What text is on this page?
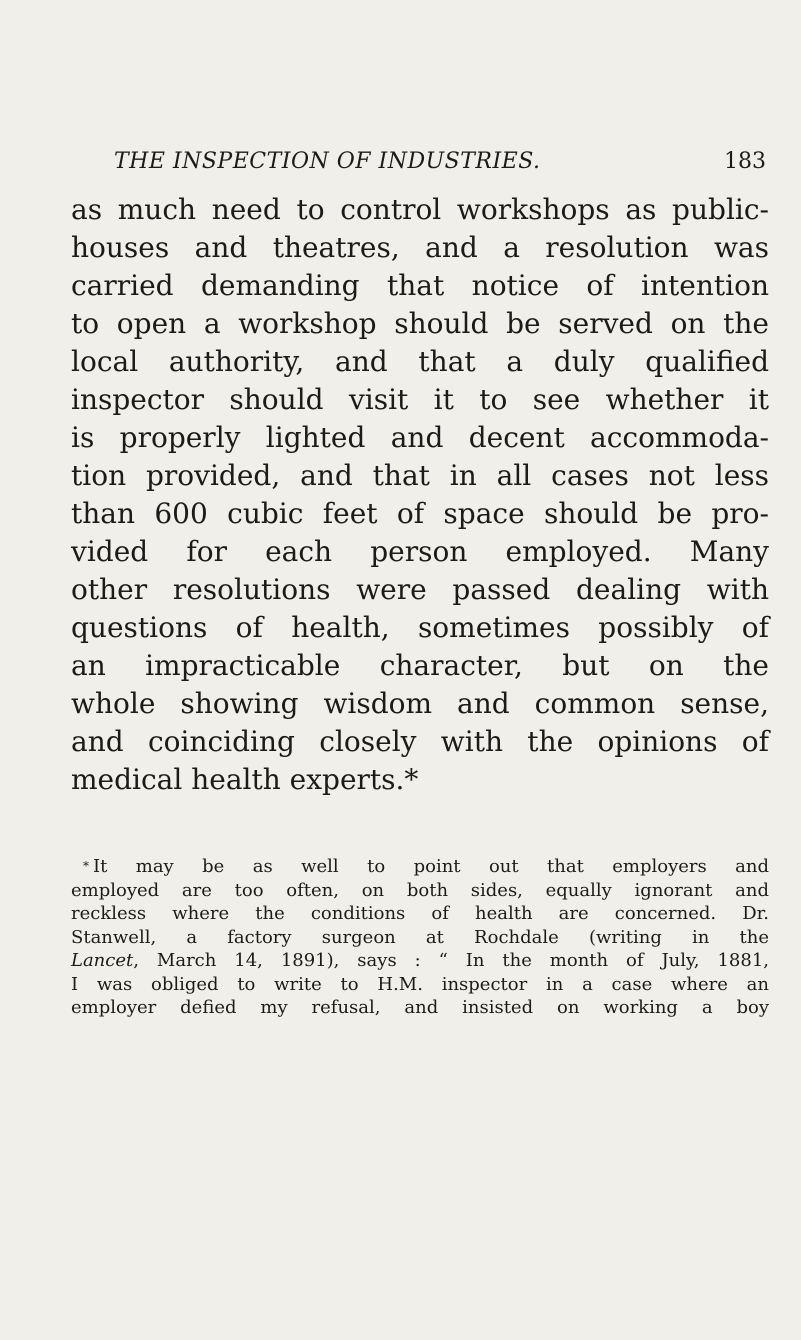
THE INSPECTION OF INDUSTRIES.	183
as much need to control workshops as public-
houses and theatres, and a resolution was
carried demanding that notice of intention
to open a workshop should be served on the
local authority, and that a duly qualified
inspector should visit it to see whether it
is properly lighted and decent accommoda-
tion provided, and that in all cases not less
than 600 cubic feet of space should be pro-
vided for each person employed. Many
other resolutions were passed dealing with
questions of health, sometimes possibly of
an impracticable character, but on the
whole showing wisdom and common sense,
and coinciding closely with the opinions of
medical health experts.*
* It may be as well to point out that employers and
employed are too often, on both sides, equally ignorant and
reckless where the conditions of health are concerned. Dr.
Stanwell, a factory surgeon at Rochdale (writing in the
Lancet, March 14, 1891), says : “ In the month of July, 1881,
I was obliged to write to H.M. inspector in a case where an
employer defied my refusal, and insisted on working a boy
